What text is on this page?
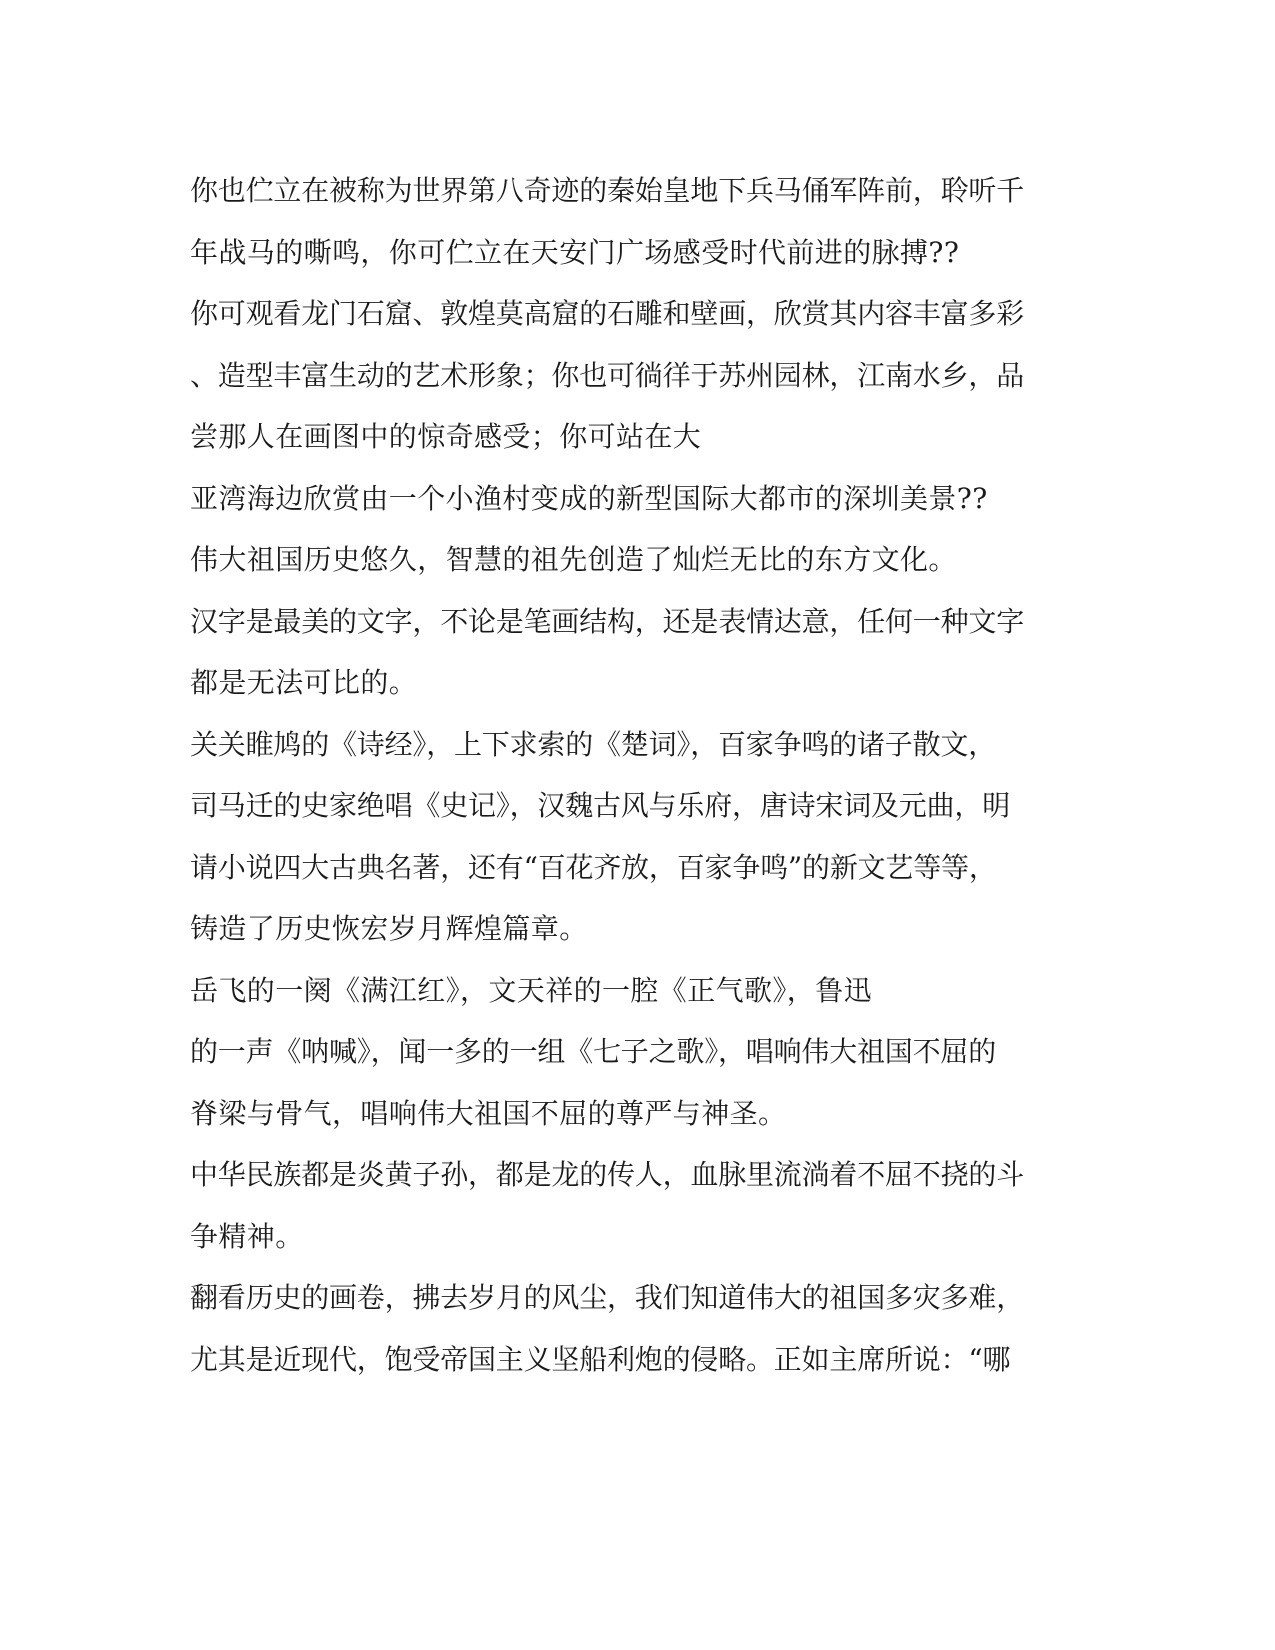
你也伫立在被称为世界第八奇迹的秦始皇地下兵马俑军阵前，聆听千
年战马的嘶鸣，你可伫立在天安门广场感受时代前进的脉搏??
你可观看龙门石窟、敦煌莫高窟的石雕和壁画，欣赏其内容丰富多彩
、造型丰富生动的艺术形象；你也可徜徉于苏州园林，江南水乡，品
尝那人在画图中的惊奇感受；你可站在大
亚湾海边欣赏由一个小渔村变成的新型国际大都市的深圳美景??
伟大祖国历史悠久，智慧的祖先创造了灿烂无比的东方文化。
汉字是最美的文字，不论是笔画结构，还是表情达意，任何一种文字
都是无法可比的。
关关睢鸠的《诗经》，上下求索的《楚词》，百家争鸣的诸子散文，
司马迁的史家绝唱《史记》，汉魏古风与乐府，唐诗宋词及元曲，明
请小说四大古典名著，还有“百花齐放，百家争鸣”的新文艺等等，
铸造了历史恢宏岁月辉煌篇章。
岳飞的一阕《满江红》，文天祥的一腔《正气歌》，鲁迅
的一声《呐喊》，闻一多的一组《七子之歌》，唱响伟大祖国不屈的
脊梁与骨气，唱响伟大祖国不屈的尊严与神圣。
中华民族都是炎黄子孙，都是龙的传人，血脉里流淌着不屈不挠的斗
争精神。
翻看历史的画卷，拂去岁月的风尘，我们知道伟大的祖国多灾多难，
尤其是近现代，饱受帝国主义坚船利炮的侵略。正如主席所说：“哪
